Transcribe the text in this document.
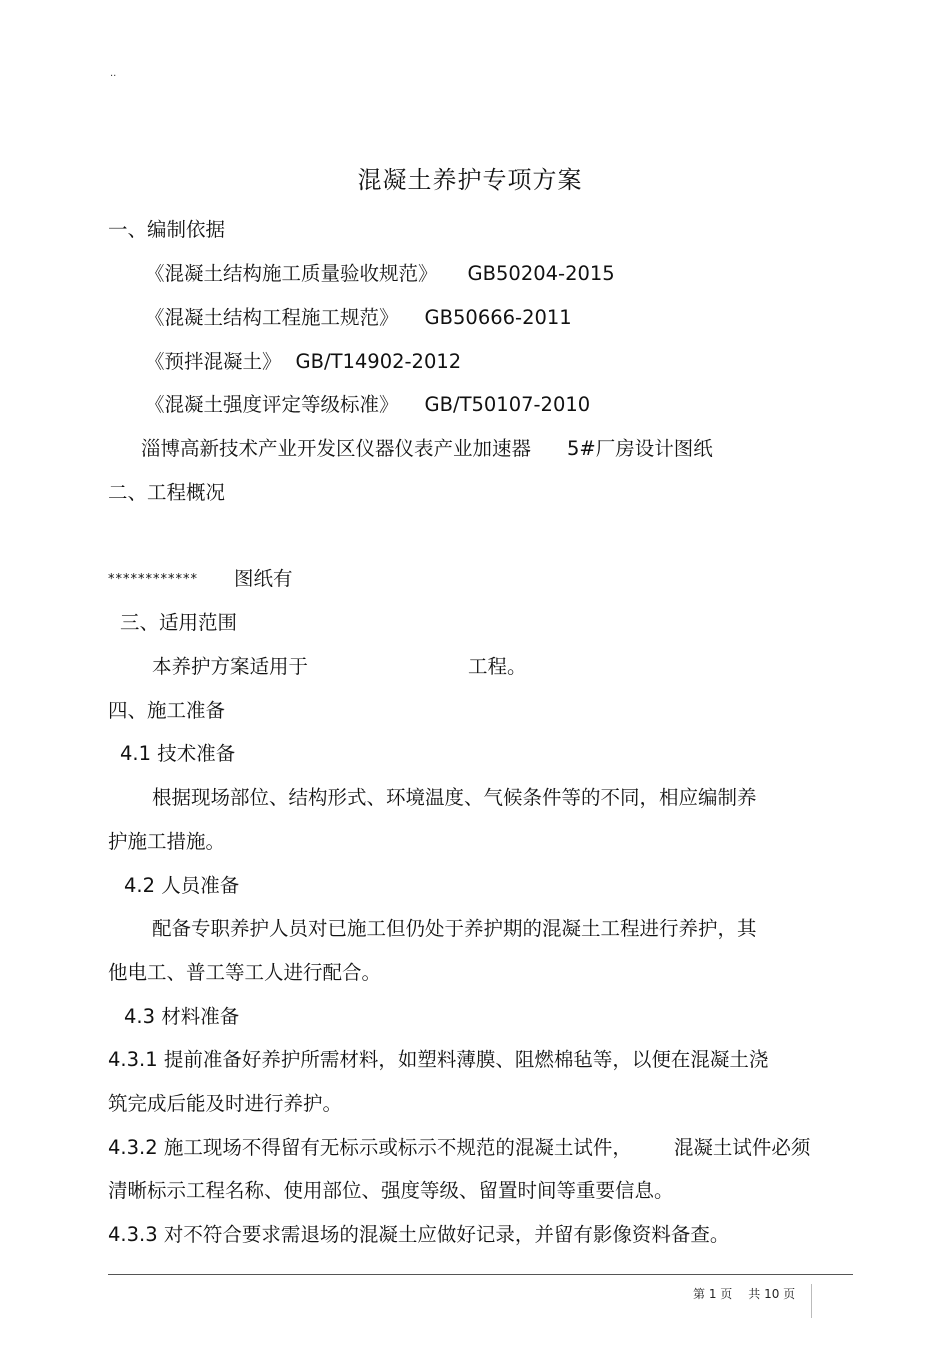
..
混凝土养护专项方案
一、编制依据
《混凝土结构施工质量验收规范》 GB50204-2015
《混凝土结构工程施工规范》 GB50666-2011
《预拌混凝土》 GB/T14902-2012
《混凝土强度评定等级标准》 GB/T50107-2010
淄博高新技术产业开发区仪器仪表产业加速器 5#厂房设计图纸
二、工程概况
************ 图纸有
三、适用范围
本养护方案适用于	工程。
四、施工准备
4.1 技术准备
根据现场部位、结构形式、环境温度、气候条件等的不同，相应编制养
护施工措施。
4.2 人员准备
配备专职养护人员对已施工但仍处于养护期的混凝土工程进行养护，其
他电工、普工等工人进行配合。
4.3 材料准备
4.3.1 提前准备好养护所需材料，如塑料薄膜、阻燃棉毡等，以便在混凝土浇
筑完成后能及时进行养护。
4.3.2 施工现场不得留有无标示或标示不规范的混凝土试件， 混凝土试件必须
清晰标示工程名称、使用部位、强度等级、留置时间等重要信息。
4.3.3 对不符合要求需退场的混凝土应做好记录，并留有影像资料备查。
第 1 页 共 10 页
